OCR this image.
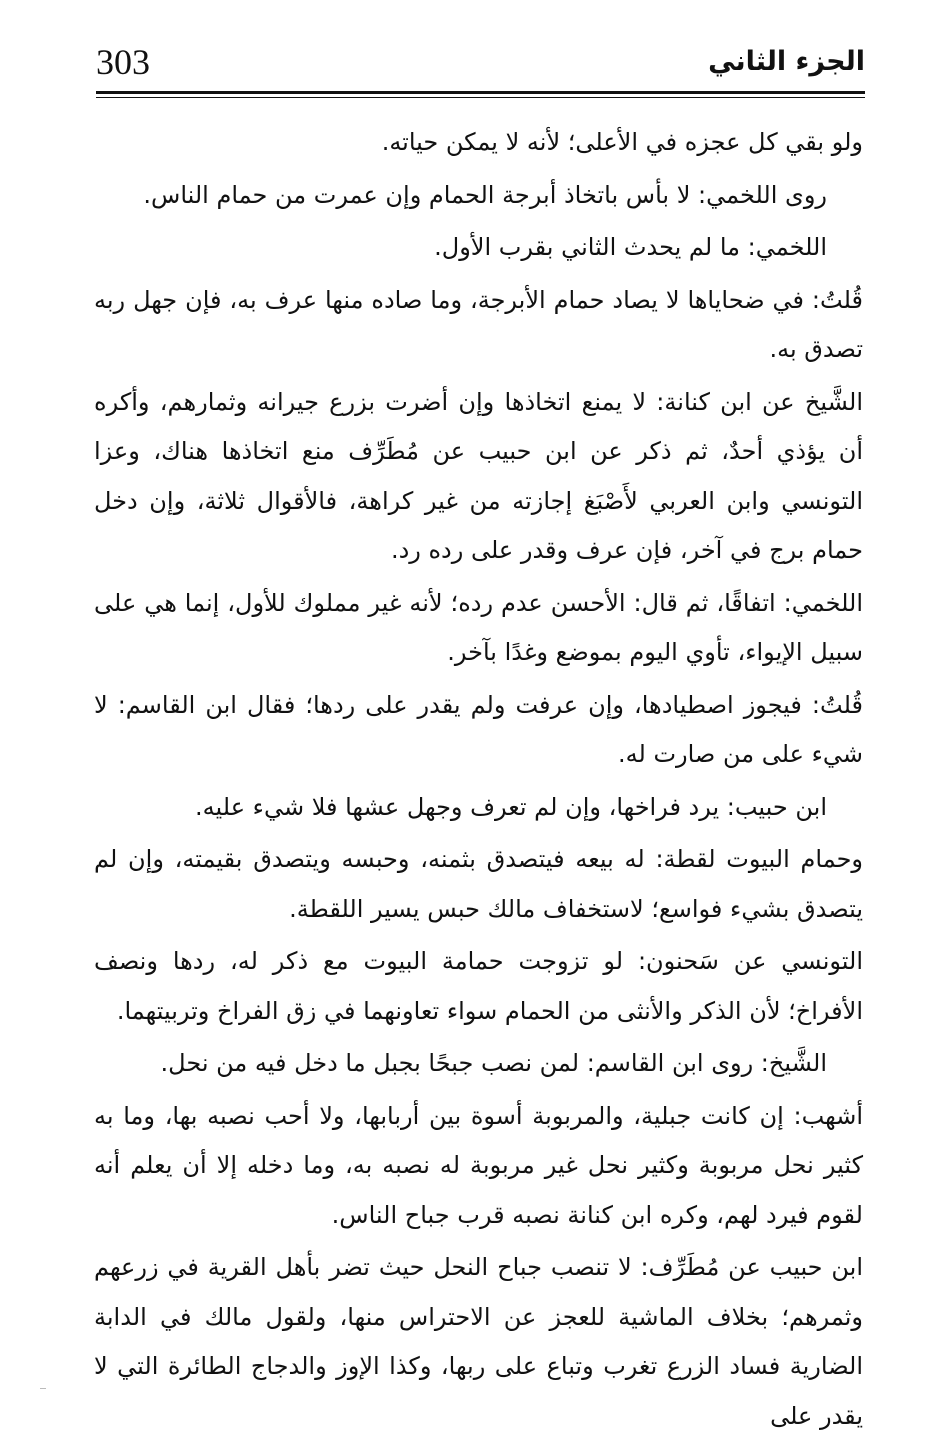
303	الجزء الثاني

ولو بقي كل عجزه في الأعلى؛ لأنه لا يمكن حياته.

روى اللخمي: لا بأس باتخاذ أبرجة الحمام وإن عمرت من حمام الناس.

اللخمي: ما لم يحدث الثاني بقرب الأول.

قُلتُ: في ضحاياها لا يصاد حمام الأبرجة، وما صاده منها عرف به، فإن جهل ربه تصدق به.

الشَّيخ عن ابن كنانة: لا يمنع اتخاذها وإن أضرت بزرع جيرانه وثمارهم، وأكره أن يؤذي أحدٌ، ثم ذكر عن ابن حبيب عن مُطَرِّف منع اتخاذها هناك، وعزا التونسي وابن العربي لأَصْبَغ إجازته من غير كراهة، فالأقوال ثلاثة، وإن دخل حمام برج في آخر، فإن عرف وقدر على رده رد.

اللخمي: اتفاقًا، ثم قال: الأحسن عدم رده؛ لأنه غير مملوك للأول، إنما هي على سبيل الإيواء، تأوي اليوم بموضع وغدًا بآخر.

قُلتُ: فيجوز اصطيادها، وإن عرفت ولم يقدر على ردها؛ فقال ابن القاسم: لا شيء على من صارت له.

ابن حبيب: يرد فراخها، وإن لم تعرف وجهل عشها فلا شيء عليه.

وحمام البيوت لقطة: له بيعه فيتصدق بثمنه، وحبسه ويتصدق بقيمته، وإن لم يتصدق بشيء فواسع؛ لاستخفاف مالك حبس يسير اللقطة.

التونسي عن سَحنون: لو تزوجت حمامة البيوت مع ذكر له، ردها ونصف الأفراخ؛ لأن الذكر والأنثى من الحمام سواء تعاونهما في زق الفراخ وتربيتهما.

الشَّيخ: روى ابن القاسم: لمن نصب جبحًا بجبل ما دخل فيه من نحل.

أشهب: إن كانت جبلية، والمربوبة أسوة بين أربابها، ولا أحب نصبه بها، وما به كثير نحل مربوبة وكثير نحل غير مربوبة له نصبه به، وما دخله إلا أن يعلم أنه لقوم فيرد لهم، وكره ابن كنانة نصبه قرب جباح الناس.

ابن حبيب عن مُطَرِّف: لا تنصب جباح النحل حيث تضر بأهل القرية في زرعهم وثمرهم؛ بخلاف الماشية للعجز عن الاحتراس منها، ولقول مالك في الدابة الضارية فساد الزرع تغرب وتباع على ربها، وكذا الإوز والدجاج الطائرة التي لا يقدر على
